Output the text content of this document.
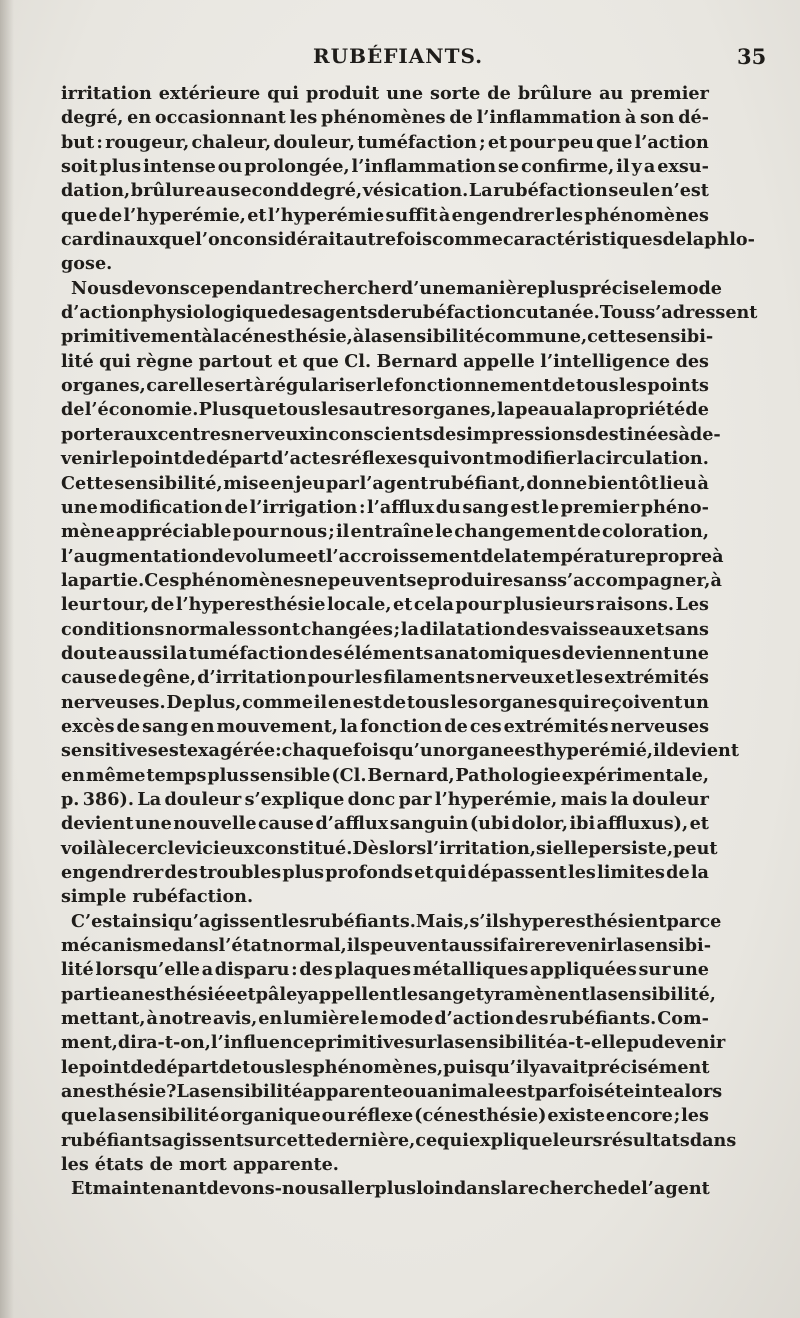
RUBÉFIANTS.	35
irritation extérieure qui produit une sorte de brûlure au premier
degré, en occasionnant les phénomènes de l’inflammation à son dé-
but : rougeur, chaleur, douleur, tuméfaction ; et pour peu que l’action
soit plus intense ou prolongée, l’inflammation se confirme, il y a exsu-
dation, brûlure au second degré, vésication. La rubéfaction seule n’est
que de l’hyperémie, et l’hyperémie suffit à engendrer les phénomènes
cardinaux que l’on considérait autrefois comme caractéristiques de la phlo-
gose.
Nous devons cependant rechercher d’une manière plus précise le mode
d’action physiologique des agents de rubéfaction cutanée. Tous s’adressent
primitivement à la cénesthésie, à la sensibilité commune, cette sensibi-
lité qui règne partout et que Cl. Bernard appelle l’intelligence des
organes, car elle sert à régulariser le fonctionnement de tous les points
de l’économie. Plus que tous les autres organes, la peau a la propriété de
porter aux centres nerveux inconscients des impressions destinées à de-
venir le point de départ d’actes réflexes qui vont modifier la circulation.
Cette sensibilité, mise en jeu par l’agent rubéfiant, donne bientôt lieu à
une modification de l’irrigation : l’afflux du sang est le premier phéno-
mène appréciable pour nous ; il entraîne le changement de coloration,
l’augmentation de volume et l’accroissement de la température propre à
la partie. Ces phénomènes ne peuvent se produire sans s’accompagner, à
leur tour, de l’hyperesthésie locale, et cela pour plusieurs raisons. Les
conditions normales sont changées ; la dilatation des vaisseaux et sans
doute aussi la tuméfaction des éléments anatomiques deviennent une
cause de gêne, d’irritation pour les filaments nerveux et les extrémités
nerveuses. De plus, comme il en est de tous les organes qui reçoivent un
excès de sang en mouvement, la fonction de ces extrémités nerveuses
sensitives est exagérée : chaque fois qu’un organe est hyperémié, il devient
en même temps plus sensible (Cl. Bernard, Pathologie expérimentale,
p. 386). La douleur s’explique donc par l’hyperémie, mais la douleur
devient une nouvelle cause d’afflux sanguin (ubi dolor, ibi affluxus), et
voilà le cercle vicieux constitué. Dès lors l’irritation, si elle persiste, peut
engendrer des troubles plus profonds et qui dépassent les limites de la
simple rubéfaction.
C’est ainsi qu’agissent les rubéfiants. Mais, s’ils hyperesthésient par ce
mécanisme dans l’état normal, ils peuvent aussi faire revenir la sensibi-
lité lorsqu’elle a disparu : des plaques métalliques appliquées sur une
partie anesthésiée et pâle y appellent le sang et y ramènent la sensibilité,
mettant, à notre avis, en lumière le mode d’action des rubéfiants. Com-
ment, dira-t-on, l’influence primitive sur la sensibilité a-t-elle pu devenir
le point de départ de tous les phénomènes, puisqu’il y avait précisément
anesthésie? La sensibilité apparente ou animale est parfois éteinte alors
que la sensibilité organique ou réflexe (cénesthésie) existe encore ; les
rubéfiants agissent sur cette dernière, ce qui explique leurs résultats dans
les états de mort apparente.
Et maintenant devons-nous aller plus loin dans la recherche de l’agent
